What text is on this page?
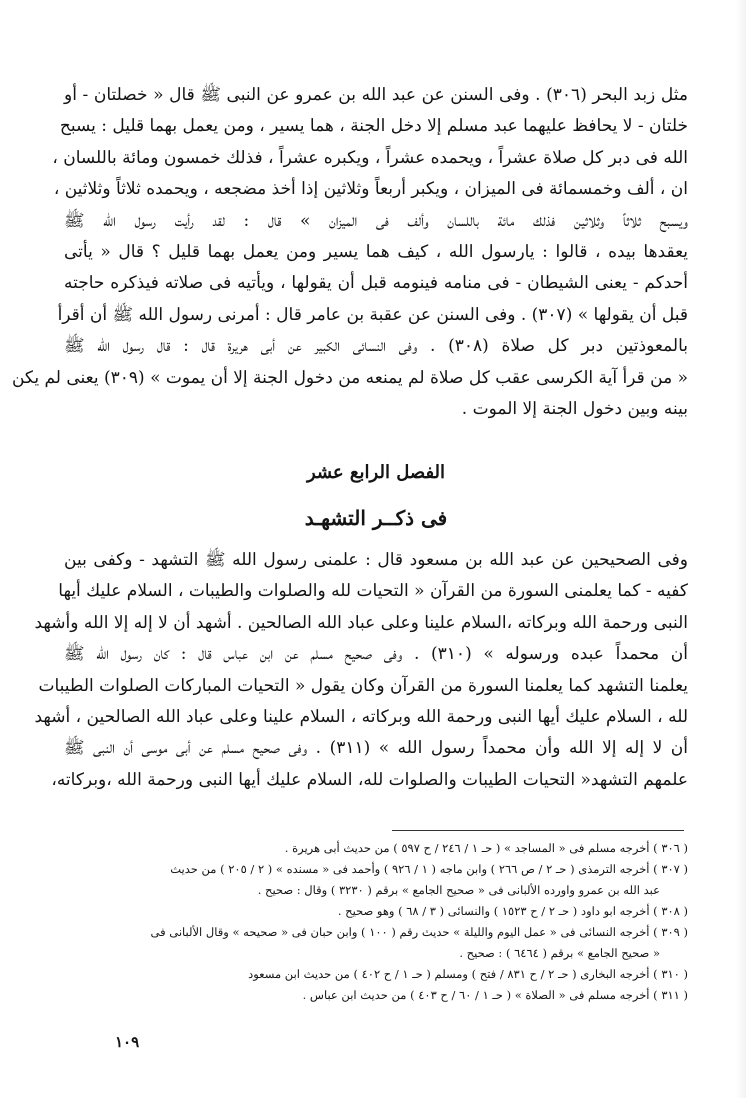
مثل زبد البحر (٣٠٦) . وفى السنن عن عبد الله بن عمرو عن النبى ﷺ قال « خصلتان - أو
خلتان - لا يحافظ عليهما عبد مسلم إلا دخل الجنة ، هما يسير ، ومن يعمل بهما قليل : يسبح
الله فى دبر كل صلاة عشراً ، ويحمده عشراً ، ويكبره عشراً ، فذلك خمسون ومائة باللسان ،
ان ، ألف وخمسمائة فى الميزان ، ويكبر أربعاً وثلاثين إذا أخذ مضجعه ، ويحمده ثلاثاً وثلاثين ،
ويسبح ثلاثاً وثلاثين فذلك مائة باللسان وألف فى الميزان » قال : لقد رأيت رسول الله ﷺ
يعقدها بيده ، قالوا : يارسول الله ، كيف هما يسير ومن يعمل بهما قليل ؟ قال « يأتى
أحدكم - يعنى الشيطان - فى منامه فينومه قبل أن يقولها ، ويأتيه فى صلاته فيذكره حاجته
قبل أن يقولها » (٣٠٧) . وفى السنن عن عقبة بن عامر قال : أمرنى رسول الله ﷺ أن أقرأ
بالمعوذتين دبر كل صلاة (٣٠٨) . وفى النسائى الكبير عن أبى هريرة قال : قال رسول الله ﷺ
« من قرأ آية الكرسى عقب كل صلاة لم يمنعه من دخول الجنة إلا أن يموت » (٣٠٩) يعنى لم يكن
بينه وبين دخول الجنة إلا الموت .
الفصل الرابع عشر
فى ذكــر التشهـد
وفى الصحيحين عن عبد الله بن مسعود قال : علمنى رسول الله ﷺ التشهد - وكفى بين
كفيه - كما يعلمنى السورة من القرآن « التحيات لله والصلوات والطيبات ، السلام عليك أيها
النبى ورحمة الله وبركاته ،السلام علينا وعلى عباد الله الصالحين . أشهد أن لا إله إلا الله وأشهد
أن محمداً عبده ورسوله » (٣١٠) . وفى صحيح مسلم عن ابن عباس قال : كان رسول الله ﷺ
يعلمنا التشهد كما يعلمنا السورة من القرآن وكان يقول « التحيات المباركات الصلوات الطيبات
لله ، السلام عليك أيها النبى ورحمة الله وبركاته ، السلام علينا وعلى عباد الله الصالحين ، أشهد
أن لا إله إلا الله وأن محمداً رسول الله » (٣١١) . وفى صحيح مسلم عن أبى موسى أن النبى ﷺ
علمهم التشهد« التحيات الطيبات والصلوات لله، السلام عليك أيها النبى ورحمة الله ،وبركاته،
( ٣٠٦ ) أخرجه مسلم فى « المساجد » ( حـ ١ / ٢٤٦ / ح ٥٩٧ ) من حديث أبى هريرة .
( ٣٠٧ ) أخرجه الترمذى ( حـ ٢ / ص ٢٦٦ ) وابن ماجه ( ١ / ٩٢٦ ) وأحمد فى « مسنده » ( ٢ / ٢٠٥ ) من حديث
عبد الله بن عمرو واورده الألبانى فى « صحيح الجامع » برقم ( ٣٢٣٠ ) وقال : صحيح .
( ٣٠٨ ) أخرجه ابو داود ( حـ ٢ / ح ١٥٢٣ ) والنسائى ( ٣ / ٦٨ ) وهو صحيح .
( ٣٠٩ ) أخرجه النسائى فى « عمل اليوم والليلة » حديث رقم ( ١٠٠ ) وابن حبان فى « صحيحه » وقال الألبانى فى
« صحيح الجامع » برقم ( ٦٤٦٤ ) : صحيح .
( ٣١٠ ) أخرجه البخارى ( حـ ٢ / ح ٨٣١ / فتح ) ومسلم ( حـ ١ / ح ٤٠٢ ) من حديث ابن مسعود
( ٣١١ ) أخرجه مسلم فى « الصلاة » ( حـ ١ / ٦٠ / ح ٤٠٣ ) من حديث ابن عباس .
١٠٩
